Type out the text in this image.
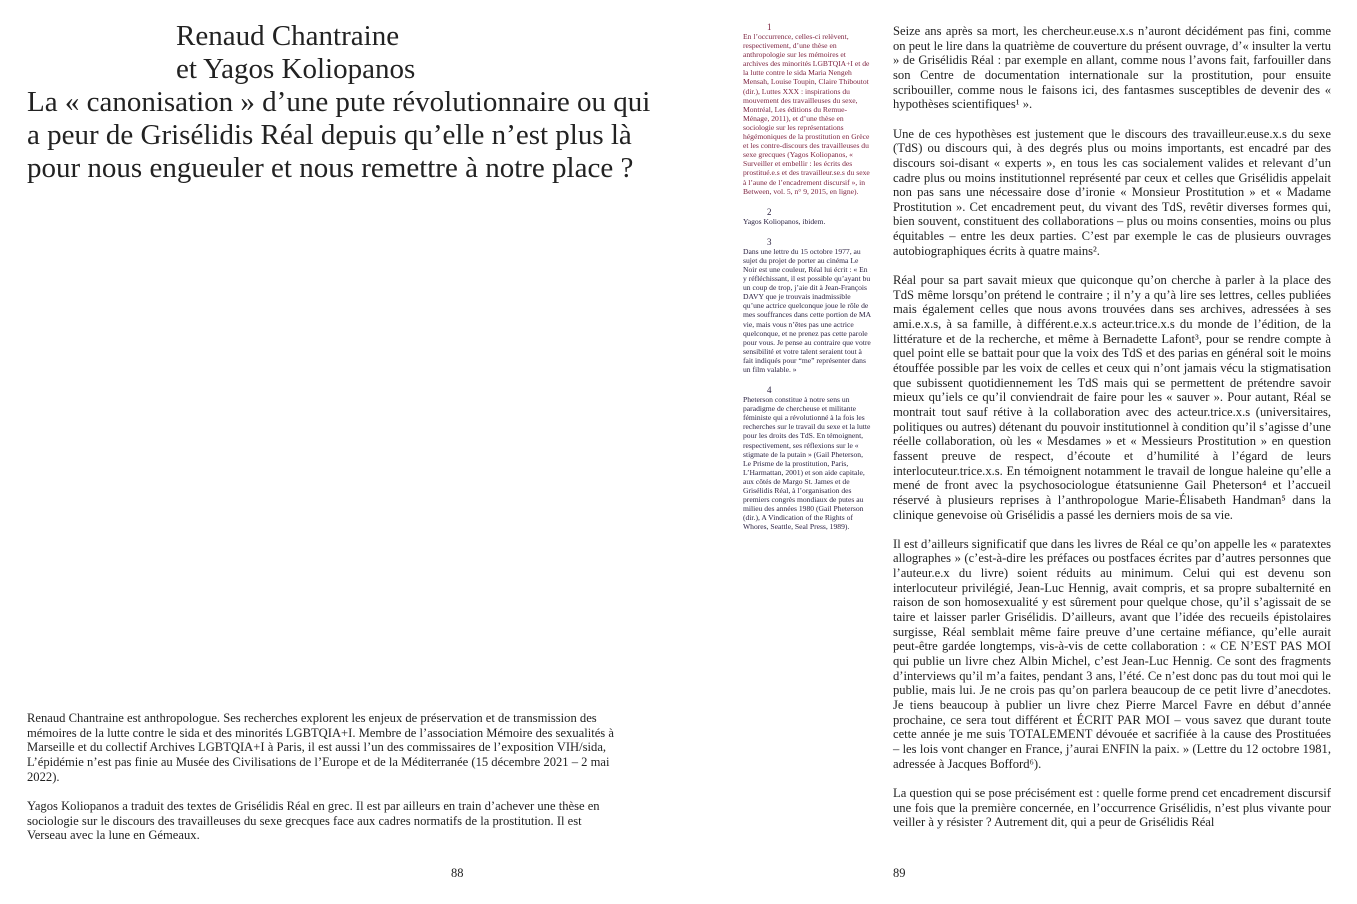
Renaud Chantraine
et Yagos Koliopanos
La « canonisation » d’une pute révolutionnaire ou qui a peur de Grisélidis Réal depuis qu’elle n’est plus là pour nous engueuler et nous remettre à notre place ?

Renaud Chantraine est anthropologue. Ses recherches explorent les enjeux de préservation et de transmission des mémoires de la lutte contre le sida et des minorités LGBTQIA+I. Membre de l’association Mémoire des sexualités à Marseille et du collectif Archives LGBTQIA+I à Paris, il est aussi l’un des commissaires de l’exposition VIH/sida, L’épidémie n’est pas finie au Musée des Civilisations de l’Europe et de la Méditerranée (15 décembre 2021 – 2 mai 2022).

Yagos Koliopanos a traduit des textes de Grisélidis Réal en grec. Il est par ailleurs en train d’achever une thèse en sociologie sur le discours des travailleuses du sexe grecques face aux cadres normatifs de la prostitution. Il est Verseau avec la lune en Gémeaux.

88
1
En l’occurrence, celles-ci relèvent, respectivement, d’une thèse en anthropologie sur les mémoires et archives des minorités LGBTQIA+I et de la lutte contre le sida Maria Nengeh Mensah, Louise Toupin, Claire Thiboutot (dir.), Luttes XXX : inspirations du mouvement des travailleuses du sexe, Montréal, Les éditions du Remue-Ménage, 2011), et d’une thèse en sociologie sur les représentations hégémoniques de la prostitution en Grèce et les contre-discours des travailleuses du sexe grecques (Yagos Koliopanos, « Surveiller et embellir : les écrits des prostitué.e.s et des travailleur.se.s du sexe à l’aune de l’encadrement discursif », in Between, vol. 5, n° 9, 2015, en ligne).
2
Yagos Koliopanos, ibidem.
3
Dans une lettre du 15 octobre 1977, au sujet du projet de porter au cinéma Le Noir est une couleur, Réal lui écrit : « En y réfléchissant, il est possible qu’ayant bu un coup de trop, j’aie dit à Jean-François DAVY que je trouvais inadmissible qu’une actrice quelconque joue le rôle de mes souffrances dans cette portion de MA vie, mais vous n’êtes pas une actrice quelconque, et ne prenez pas cette parole pour vous. Je pense au contraire que votre sensibilité et votre talent seraient tout à fait indiqués pour “me” représenter dans un film valable. »
4
Pheterson constitue à notre sens un paradigme de chercheuse et militante féministe qui a révolutionné à la fois les recherches sur le travail du sexe et la lutte pour les droits des TdS. En témoignent, respectivement, ses réflexions sur le « stigmate de la putain » (Gail Pheterson, Le Prisme de la prostitution, Paris, L’Harmattan, 2001) et son aide capitale, aux côtés de Margo St. James et de Grisélidis Réal, à l’organisation des premiers congrès mondiaux de putes au milieu des années 1980 (Gail Pheterson (dir.), A Vindication of the Rights of Whores, Seattle, Seal Press, 1989).

Seize ans après sa mort, les chercheur.euse.x.s n’auront décidément pas fini, comme on peut le lire dans la quatrième de couverture du présent ouvrage, d’« insulter la vertu » de Grisélidis Réal : par exemple en allant, comme nous l’avons fait, farfouiller dans son Centre de documentation internationale sur la prostitution, pour ensuite scribouiller, comme nous le faisons ici, des fantasmes susceptibles de devenir des « hypothèses scientifiques¹ ».

Une de ces hypothèses est justement que le discours des travailleur.euse.x.s du sexe (TdS) ou discours qui, à des degrés plus ou moins importants, est encadré par des discours soi-disant « experts », en tous les cas socialement valides et relevant d’un cadre plus ou moins institutionnel représenté par ceux et celles que Grisélidis appelait non pas sans une nécessaire dose d’ironie « Monsieur Prostitution » et « Madame Prostitution ». Cet encadrement peut, du vivant des TdS, revêtir diverses formes qui, bien souvent, constituent des collaborations – plus ou moins consenties, moins ou plus équitables – entre les deux parties. C’est par exemple le cas de plusieurs ouvrages autobiographiques écrits à quatre mains².

Réal pour sa part savait mieux que quiconque qu’on cherche à parler à la place des TdS même lorsqu’on prétend le contraire ; il n’y a qu’à lire ses lettres, celles publiées mais également celles que nous avons trouvées dans ses archives, adressées à ses ami.e.x.s, à sa famille, à différent.e.x.s acteur.trice.x.s du monde de l’édition, de la littérature et de la recherche, et même à Bernadette Lafont³, pour se rendre compte à quel point elle se battait pour que la voix des TdS et des parias en général soit le moins étouffée possible par les voix de celles et ceux qui n’ont jamais vécu la stigmatisation que subissent quotidiennement les TdS mais qui se permettent de prétendre savoir mieux qu’iels ce qu’il conviendrait de faire pour les « sauver ». Pour autant, Réal se montrait tout sauf rétive à la collaboration avec des acteur.trice.x.s (universitaires, politiques ou autres) détenant du pouvoir institutionnel à condition qu’il s’agisse d’une réelle collaboration, où les « Mesdames » et « Messieurs Prostitution » en question fassent preuve de respect, d’écoute et d’humilité à l’égard de leurs interlocuteur.trice.x.s. En témoignent notamment le travail de longue haleine qu’elle a mené de front avec la psychosociologue étatsunienne Gail Pheterson⁴ et l’accueil réservé à plusieurs reprises à l’anthropologue Marie-Élisabeth Handman⁵ dans la clinique genevoise où Grisélidis a passé les derniers mois de sa vie.

Il est d’ailleurs significatif que dans les livres de Réal ce qu’on appelle les « paratextes allographes » (c’est-à-dire les préfaces ou postfaces écrites par d’autres personnes que l’auteur.e.x du livre) soient réduits au minimum. Celui qui est devenu son interlocuteur privilégié, Jean-Luc Hennig, avait compris, et sa propre subalternité en raison de son homosexualité y est sûrement pour quelque chose, qu’il s’agissait de se taire et laisser parler Grisélidis. D’ailleurs, avant que l’idée des recueils épistolaires surgisse, Réal semblait même faire preuve d’une certaine méfiance, qu’elle aurait peut-être gardée longtemps, vis-à-vis de cette collaboration : « CE N’EST PAS MOI qui publie un livre chez Albin Michel, c’est Jean-Luc Hennig. Ce sont des fragments d’interviews qu’il m’a faites, pendant 3 ans, l’été. Ce n’est donc pas du tout moi qui le publie, mais lui. Je ne crois pas qu’on parlera beaucoup de ce petit livre d’anecdotes. Je tiens beaucoup à publier un livre chez Pierre Marcel Favre en début d’année prochaine, ce sera tout différent et ÉCRIT PAR MOI – vous savez que durant toute cette année je me suis TOTALEMENT dévouée et sacrifiée à la cause des Prostituées – les lois vont changer en France, j’aurai ENFIN la paix. » (Lettre du 12 octobre 1981, adressée à Jacques Bofford⁶).

La question qui se pose précisément est : quelle forme prend cet encadrement discursif une fois que la première concernée, en l’occurrence Grisélidis, n’est plus vivante pour veiller à y résister ? Autrement dit, qui a peur de Grisélidis Réal

89
